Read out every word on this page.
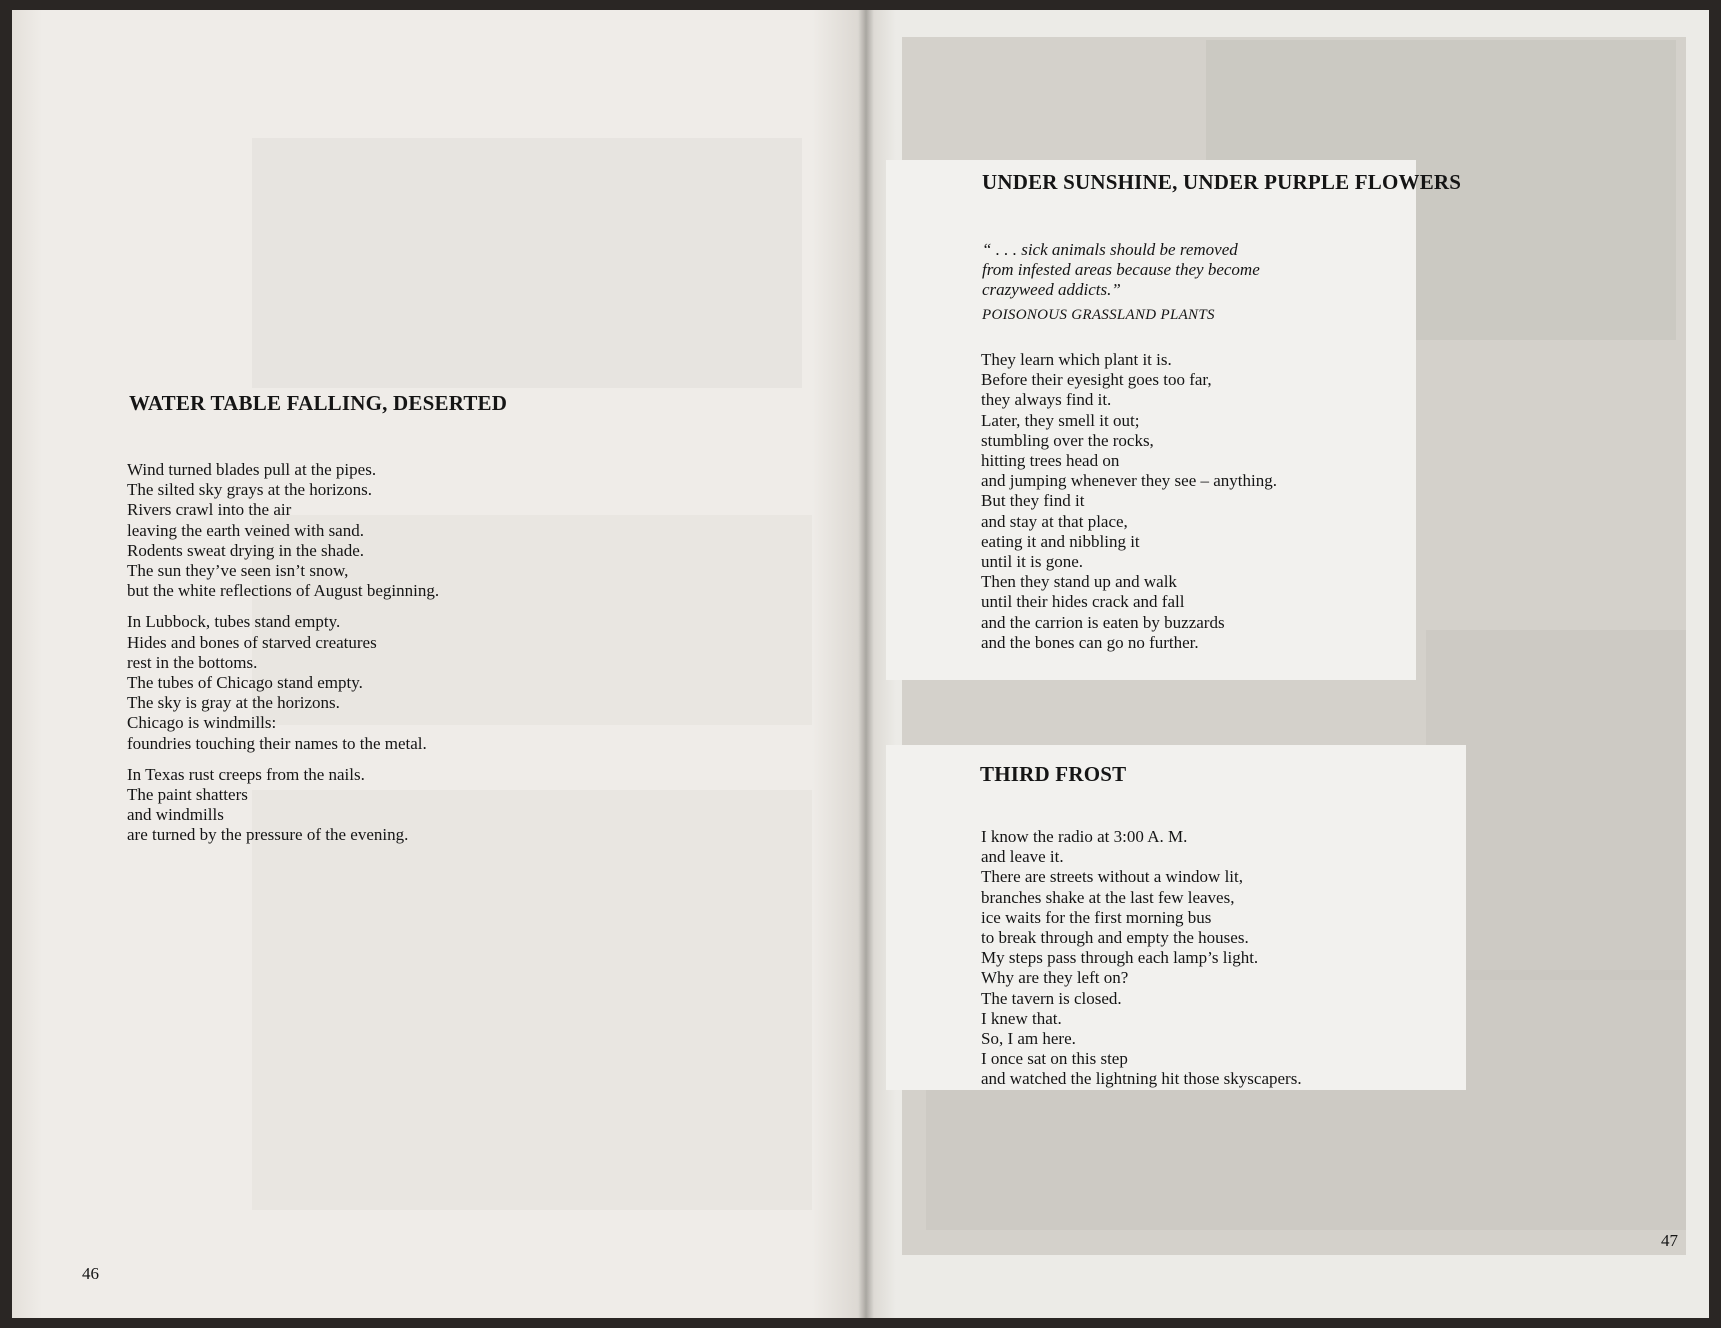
WATER TABLE FALLING, DESERTED
Wind turned blades pull at the pipes.
The silted sky grays at the horizons.
Rivers crawl into the air
leaving the earth veined with sand.
Rodents sweat drying in the shade.
The sun they’ve seen isn’t snow,
but the white reflections of August beginning.
In Lubbock, tubes stand empty.
Hides and bones of starved creatures
rest in the bottoms.
The tubes of Chicago stand empty.
The sky is gray at the horizons.
Chicago is windmills:
foundries touching their names to the metal.
In Texas rust creeps from the nails.
The paint shatters
and windmills
are turned by the pressure of the evening.
46
UNDER SUNSHINE, UNDER PURPLE FLOWERS
“ . . . sick animals should be removed
from infested areas because they become
crazyweed addicts.”
POISONOUS GRASSLAND PLANTS
They learn which plant it is.
Before their eyesight goes too far,
they always find it.
Later, they smell it out;
stumbling over the rocks,
hitting trees head on
and jumping whenever they see – anything.
But they find it
and stay at that place,
eating it and nibbling it
until it is gone.
Then they stand up and walk
until their hides crack and fall
and the carrion is eaten by buzzards
and the bones can go no further.
THIRD FROST
I know the radio at 3:00 A. M.
and leave it.
There are streets without a window lit,
branches shake at the last few leaves,
ice waits for the first morning bus
to break through and empty the houses.
My steps pass through each lamp’s light.
Why are they left on?
The tavern is closed.
I knew that.
So, I am here.
I once sat on this step
and watched the lightning hit those skyscapers.
47
